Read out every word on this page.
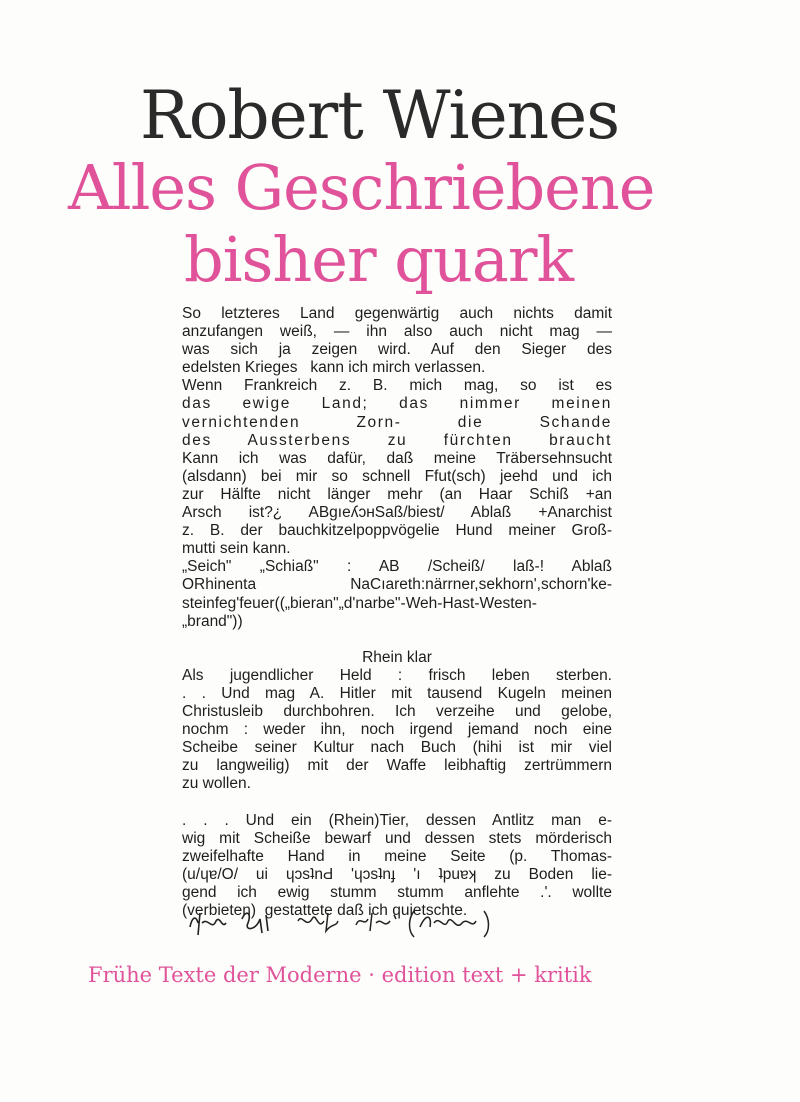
Robert Wienes
Alles Geschriebene
bisher quark
So letzteres Land gegenwärtig auch nichts damit
anzufangen weiß, — ihn also auch nicht mag —
was sich ja zeigen wird. Auf den Sieger des
edelsten Krieges   kann ich mirch verlassen.
Wenn Frankreich z. B. mich mag, so ist es
das ewige Land; das nimmer meinen
vernichtenden Zorn- die Schande
des Aussterbens zu fürchten braucht
Kann ich was dafür, daß meine Träbersehnsucht
(alsdann) bei mir so schnell Ffut(sch) jeehd und ich
zur Hälfte nicht länger mehr (an Haar Schiß +an
Arsch ist?¿ ABgıeʎɔʜSaß/biest/ Ablaß +Anarchist
z. B. der bauchkitzelpoppvögelie Hund meiner Groß-
mutti sein kann.
„Seich" „Schiaß" : AB /Scheiß/ laß-! Ablaß
ORhinenta NaCıareth:närrner,sekhorn',schorn'ke-
steinfeg'feuer((„bieran"„d'narbe"-Weh-Hast-Westen-
„brand"))
Rhein klar
Als jugendlicher Held : frisch leben sterben.
. . Und mag A. Hitler mit tausend Kugeln meinen
Christusleib durchbohren. Ich verzeihe und gelobe,
nochm : weder ihn, noch irgend jemand noch eine
Scheibe seiner Kultur nach Buch (hihi ist mir viel
zu langweilig) mit der Waffe leibhaftig zertrümmern
zu wollen.
. . . Und ein (Rhein)Tier, dessen Antlitz man e-
wig mit Scheiße bewarf und dessen stets mörderisch
zweifelhafte Hand in meine Seite (p. Thomas-
(u/ɥɐ/O/ ui ɥɔsʇnԀ 'ɥɔsʇnɟ 'ı ʇpuɐʞ zu Boden lie-
gend ich ewig stumm stumm anflehte .'. wollte
(verbieten)  gestattete daß ich quietschte.
Frühe Texte der Moderne · edition text + kritik
